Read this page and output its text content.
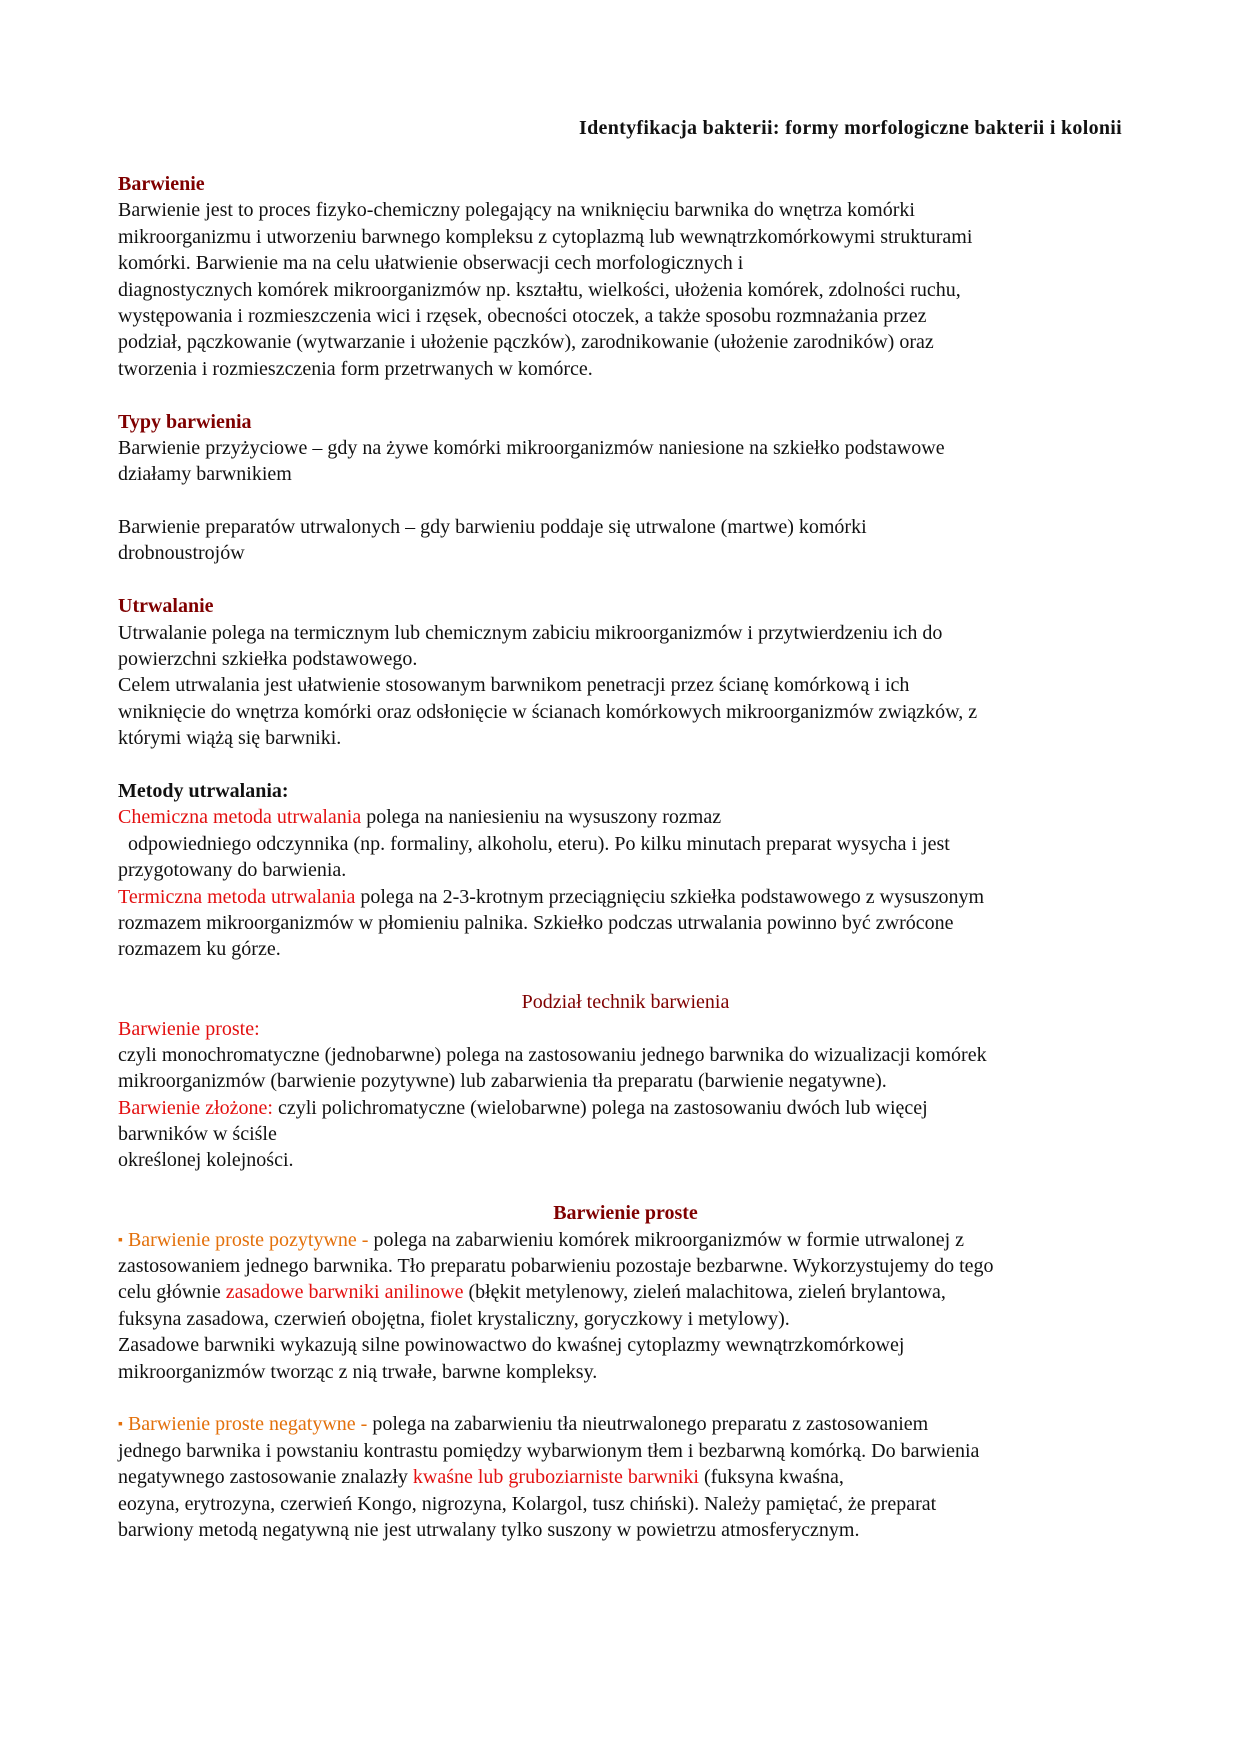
Identyfikacja bakterii: formy morfologiczne bakterii i kolonii
Barwienie
Barwienie jest to proces fizyko-chemiczny polegający na wniknięciu barwnika do wnętrza komórki
mikroorganizmu i utworzeniu barwnego kompleksu z cytoplazmą lub wewnątrzkomórkowymi strukturami
komórki. Barwienie ma na celu ułatwienie obserwacji cech morfologicznych i
diagnostycznych komórek mikroorganizmów np. kształtu, wielkości, ułożenia komórek, zdolności ruchu,
występowania i rozmieszczenia wici i rzęsek, obecności otoczek, a także sposobu rozmnażania przez
podział, pączkowanie (wytwarzanie i ułożenie pączków), zarodnikowanie (ułożenie zarodników) oraz
tworzenia i rozmieszczenia form przetrwanych w komórce.
Typy barwienia
Barwienie przyżyciowe – gdy na żywe komórki mikroorganizmów naniesione na szkiełko podstawowe
działamy barwnikiem
Barwienie preparatów utrwalonych – gdy barwieniu poddaje się utrwalone (martwe) komórki
drobnoustrojów
Utrwalanie
Utrwalanie polega na termicznym lub chemicznym zabiciu mikroorganizmów i przytwierdzeniu ich do
powierzchni szkiełka podstawowego.
Celem utrwalania jest ułatwienie stosowanym barwnikom penetracji przez ścianę komórkową i ich
wniknięcie do wnętrza komórki oraz odsłonięcie w ścianach komórkowych mikroorganizmów związków, z
którymi wiążą się barwniki.
Metody utrwalania:
Chemiczna metoda utrwalania polega na naniesieniu na wysuszony rozmaz
odpowiedniego odczynnika (np. formaliny, alkoholu, eteru). Po kilku minutach preparat wysycha i jest
przygotowany do barwienia.
Termiczna metoda utrwalania polega na 2-3-krotnym przeciągnięciu szkiełka podstawowego z wysuszonym
rozmazem mikroorganizmów w płomieniu palnika. Szkiełko podczas utrwalania powinno być zwrócone
rozmazem ku górze.
Podział technik barwienia
Barwienie proste:
czyli monochromatyczne (jednobarwne) polega na zastosowaniu jednego barwnika do wizualizacji komórek
mikroorganizmów (barwienie pozytywne) lub zabarwienia tła preparatu (barwienie negatywne).
Barwienie złożone: czyli polichromatyczne (wielobarwne) polega na zastosowaniu dwóch lub więcej
barwników w ściśle
określonej kolejności.
Barwienie proste
▪ Barwienie proste pozytywne - polega na zabarwieniu komórek mikroorganizmów w formie utrwalonej z
zastosowaniem jednego barwnika. Tło preparatu pobarwieniu pozostaje bezbarwne. Wykorzystujemy do tego
celu głównie zasadowe barwniki anilinowe (błękit metylenowy, zieleń malachitowa, zieleń brylantowa,
fuksyna zasadowa, czerwień obojętna, fiolet krystaliczny, goryczkowy i metylowy).
Zasadowe barwniki wykazują silne powinowactwo do kwaśnej cytoplazmy wewnątrzkomórkowej
mikroorganizmów tworząc z nią trwałe, barwne kompleksy.
▪ Barwienie proste negatywne - polega na zabarwieniu tła nieutrwalonego preparatu z zastosowaniem
jednego barwnika i powstaniu kontrastu pomiędzy wybarwionym tłem i bezbarwną komórką. Do barwienia
negatywnego zastosowanie znalazły kwaśne lub gruboziarniste barwniki (fuksyna kwaśna,
eozyna, erytrozyna, czerwień Kongo, nigrozyna, Kolargol, tusz chiński). Należy pamiętać, że preparat
barwiony metodą negatywną nie jest utrwalany tylko suszony w powietrzu atmosferycznym.
